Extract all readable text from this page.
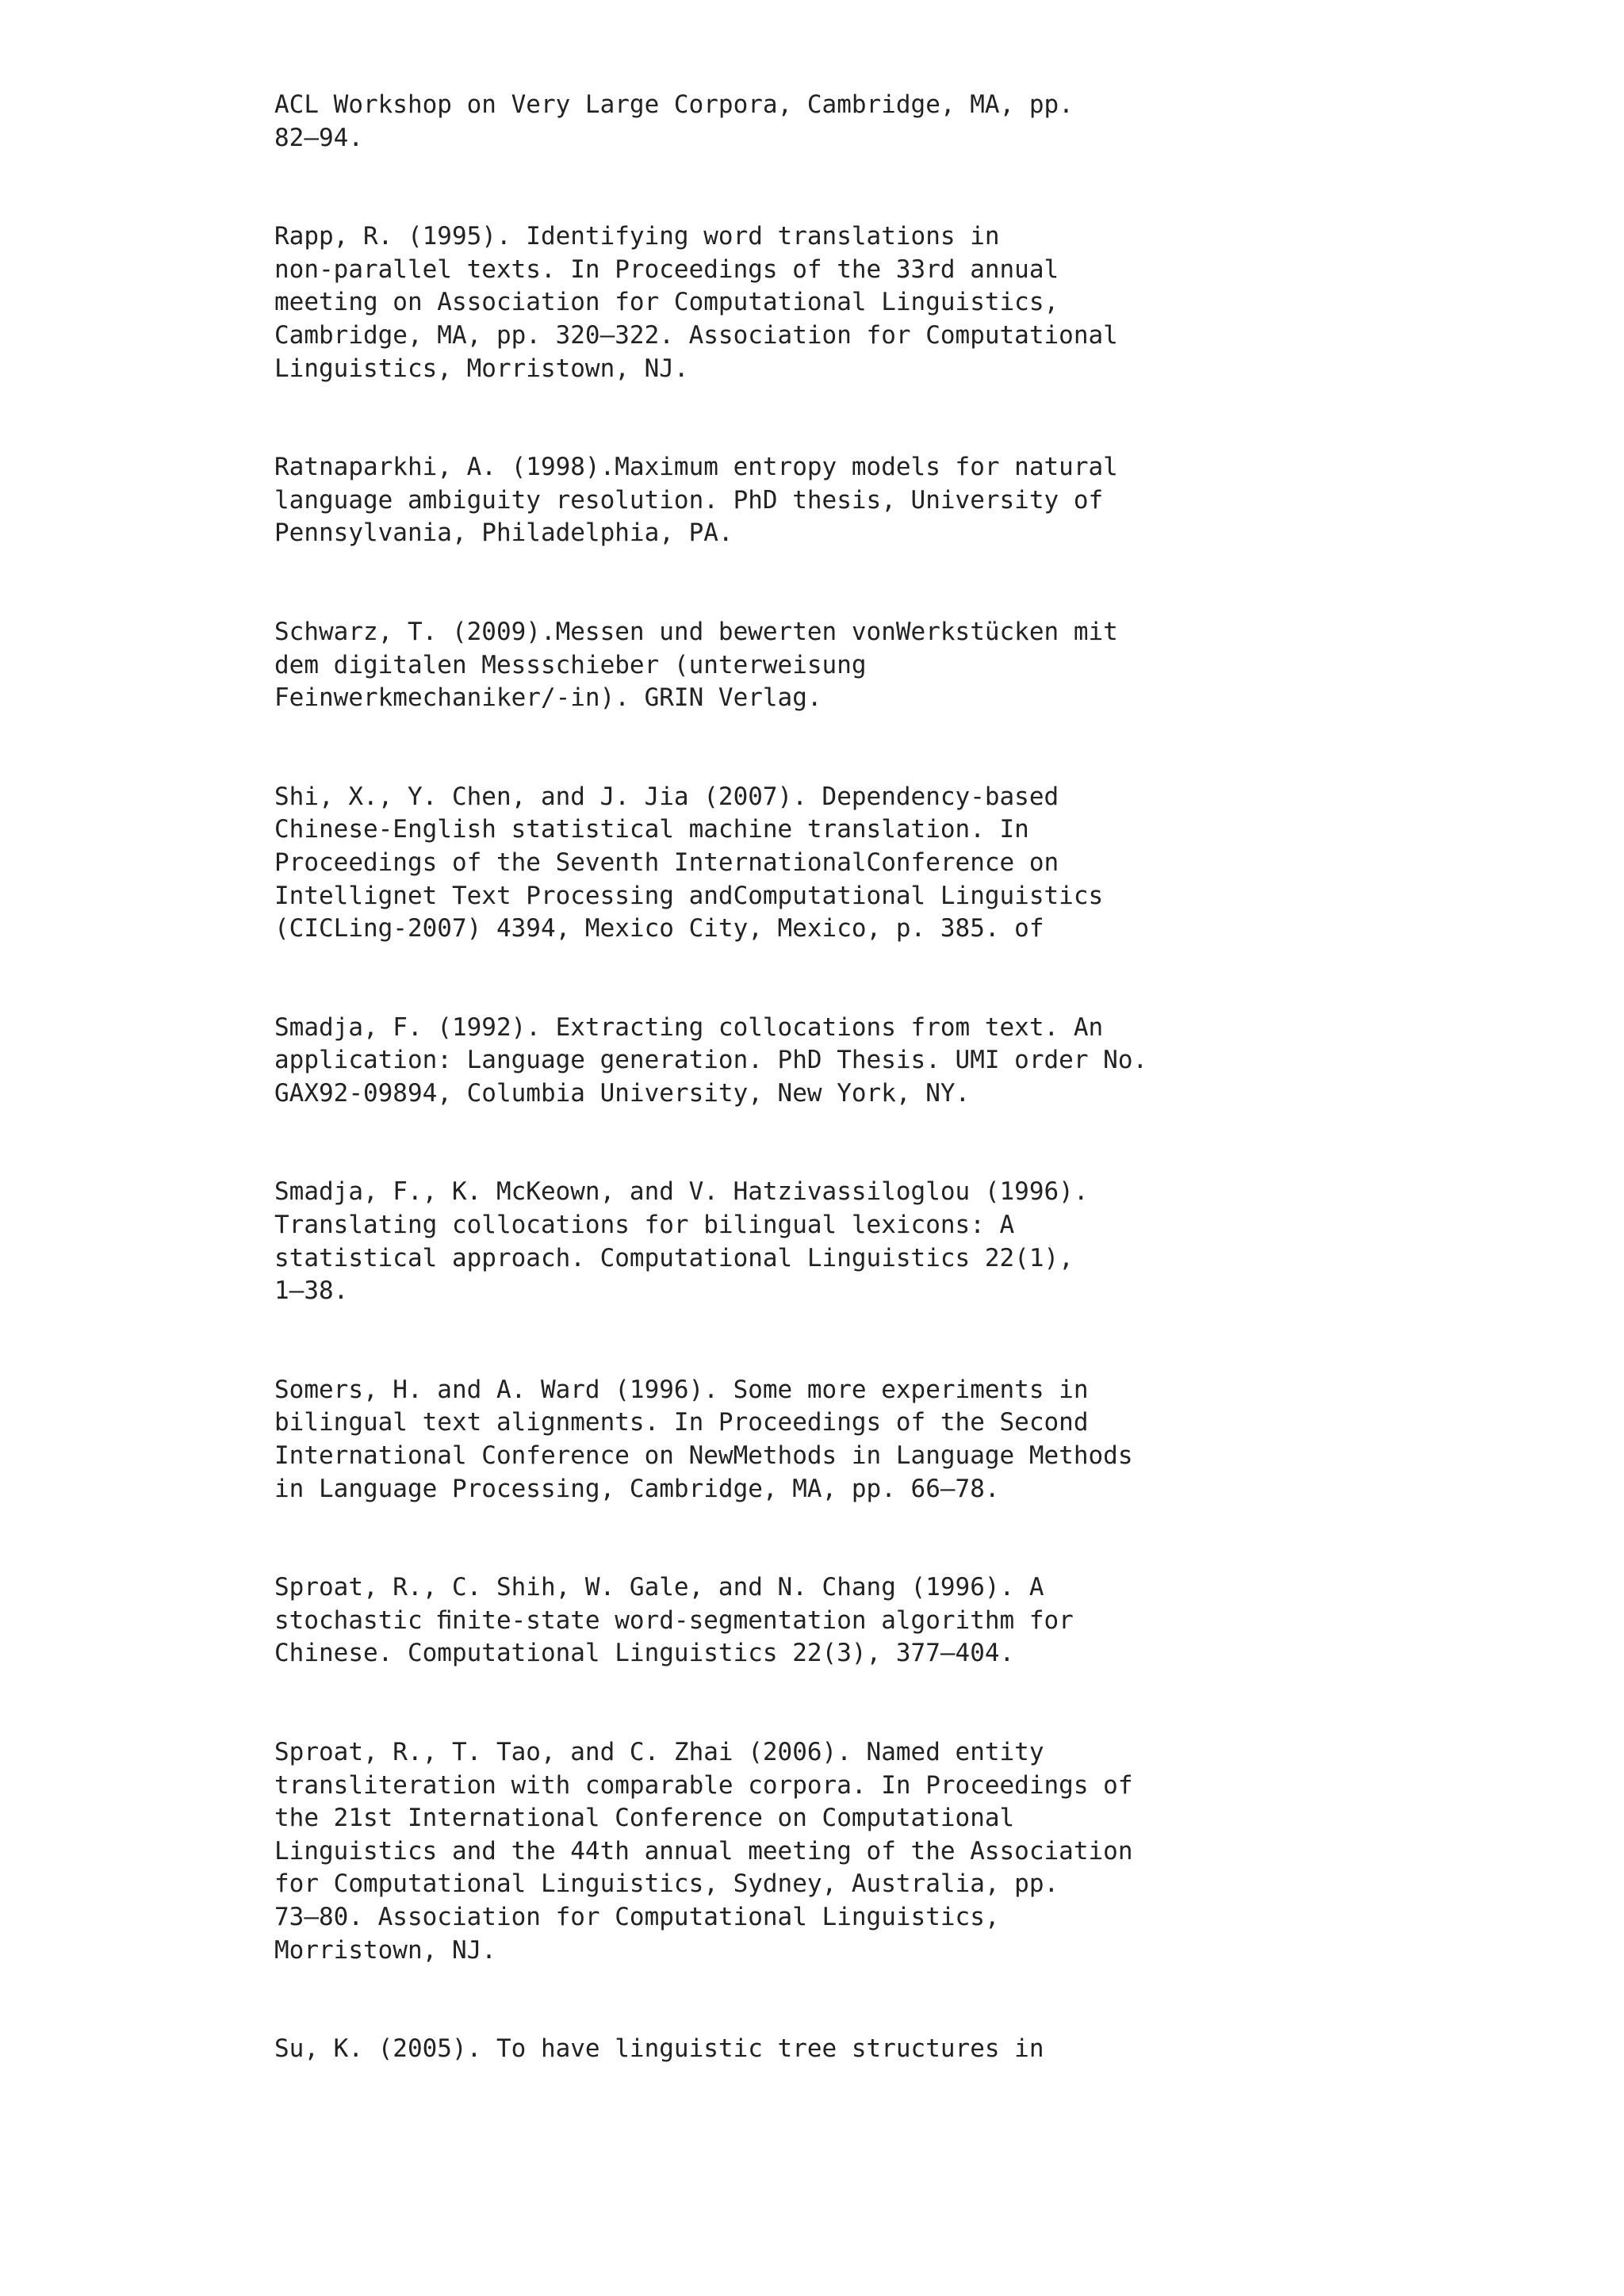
ACL Workshop on Very Large Corpora, Cambridge, MA, pp.
82–94.
Rapp, R. (1995). Identifying word translations in
non-parallel texts. In Proceedings of the 33rd annual
meeting on Association for Computational Linguistics,
Cambridge, MA, pp. 320–322. Association for Computational
Linguistics, Morristown, NJ.
Ratnaparkhi, A. (1998).Maximum entropy models for natural
language ambiguity resolution. PhD thesis, University of
Pennsylvania, Philadelphia, PA.
Schwarz, T. (2009).Messen und bewerten vonWerkstücken mit
dem digitalen Messschieber (unterweisung
Feinwerkmechaniker/-in). GRIN Verlag.
Shi, X., Y. Chen, and J. Jia (2007). Dependency-based
Chinese-English statistical machine translation. In
Proceedings of the Seventh InternationalConference on
Intellignet Text Processing andComputational Linguistics
(CICLing-2007) 4394, Mexico City, Mexico, p. 385. of
Smadja, F. (1992). Extracting collocations from text. An
application: Language generation. PhD Thesis. UMI order No.
GAX92-09894, Columbia University, New York, NY.
Smadja, F., K. McKeown, and V. Hatzivassiloglou (1996).
Translating collocations for bilingual lexicons: A
statistical approach. Computational Linguistics 22(1),
1–38.
Somers, H. and A. Ward (1996). Some more experiments in
bilingual text alignments. In Proceedings of the Second
International Conference on NewMethods in Language Methods
in Language Processing, Cambridge, MA, pp. 66–78.
Sproat, R., C. Shih, W. Gale, and N. Chang (1996). A
stochastic ﬁnite-state word-segmentation algorithm for
Chinese. Computational Linguistics 22(3), 377–404.
Sproat, R., T. Tao, and C. Zhai (2006). Named entity
transliteration with comparable corpora. In Proceedings of
the 21st International Conference on Computational
Linguistics and the 44th annual meeting of the Association
for Computational Linguistics, Sydney, Australia, pp.
73–80. Association for Computational Linguistics,
Morristown, NJ.
Su, K. (2005). To have linguistic tree structures in
